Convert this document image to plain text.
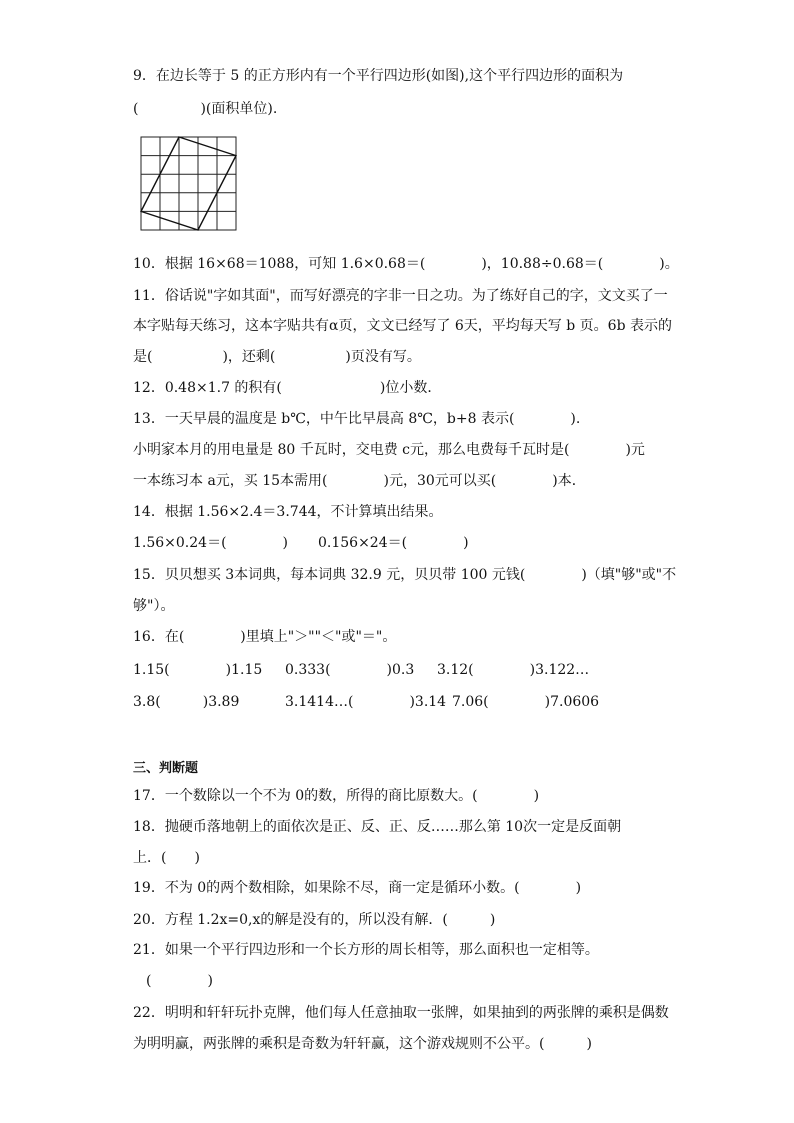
9．在边长等于 5 的正方形内有一个平行四边形(如图),这个平行四边形的面积为
(	)(面积单位).
10．根据 16×68＝1088，可知 1.6×0.68＝(　　　　)，10.88÷0.68＝(　　　　)。
11．俗话说"字如其面"，而写好漂亮的字非一日之功。为了练好自己的字，文文买了一
本字贴每天练习，这本字贴共有α页，文文已经写了 6天，平均每天写 b 页。6b 表示的
是(　　　　　)，还剩(　　　　　)页没有写。
12．0.48×1.7 的积有(　　　　　　　)位小数．
13．一天早晨的温度是 b℃，中午比早晨高 8℃，b+8 表示(　　　　).
小明家本月的用电量是 80 千瓦时，交电费 c元，那么电费每千瓦时是(　　　　)元
一本练习本 a元，买 15本需用(　　　　)元，30元可以买(　　　　)本．
14．根据 1.56×2.4＝3.744，不计算填出结果。
1.56×0.24＝(　　　　) 0.156×24＝(　　　　)
15．贝贝想买 3本词典，每本词典 32.9 元，贝贝带 100 元钱(　　　　)（填"够"或"不
够"）。
16．在(　　　　)里填上"＞""＜"或"＝"。
1.15(　　　　)1.15 0.333(　　　　)0.3 3.12(　　　　)3.122…
3.8(　　　)3.89	3.1414…(　　　　)3.14 7.06(　　　　)7.0606
三、判断题
17．一个数除以一个不为 0的数，所得的商比原数大。(　　　　)
18．抛硬币落地朝上的面依次是正、反、正、反……那么第 10次一定是反面朝
上．(　　)
19．不为 0的两个数相除，如果除不尽，商一定是循环小数。(　　　　)
20．方程 1.2x=0,x的解是没有的，所以没有解．(　　　)
21．如果一个平行四边形和一个长方形的周长相等，那么面积也一定相等。
(　　　　)
22．明明和轩轩玩扑克牌，他们每人任意抽取一张牌，如果抽到的两张牌的乘积是偶数
为明明赢，两张牌的乘积是奇数为轩轩赢，这个游戏规则不公平。(　　　)
